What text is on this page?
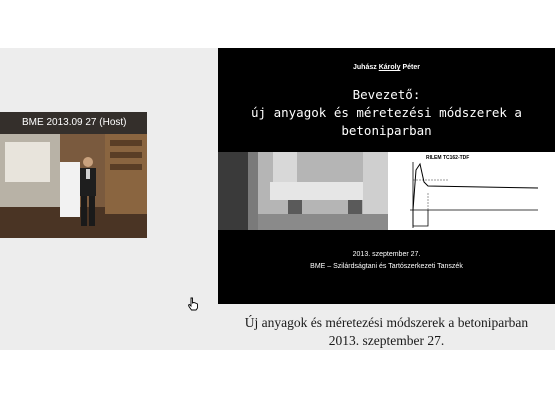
BME 2013.09 27 (Host)
Juhász Károly Péter
Bevezető:
új anyagok és méretezési módszerek a
betoniparban
RILEM TC162-TDF
2013. szeptember 27.
BME – Szilárdságtani és Tartószerkezeti Tanszék
Új anyagok és méretezési módszerek a betoniparban
2013. szeptember 27.
